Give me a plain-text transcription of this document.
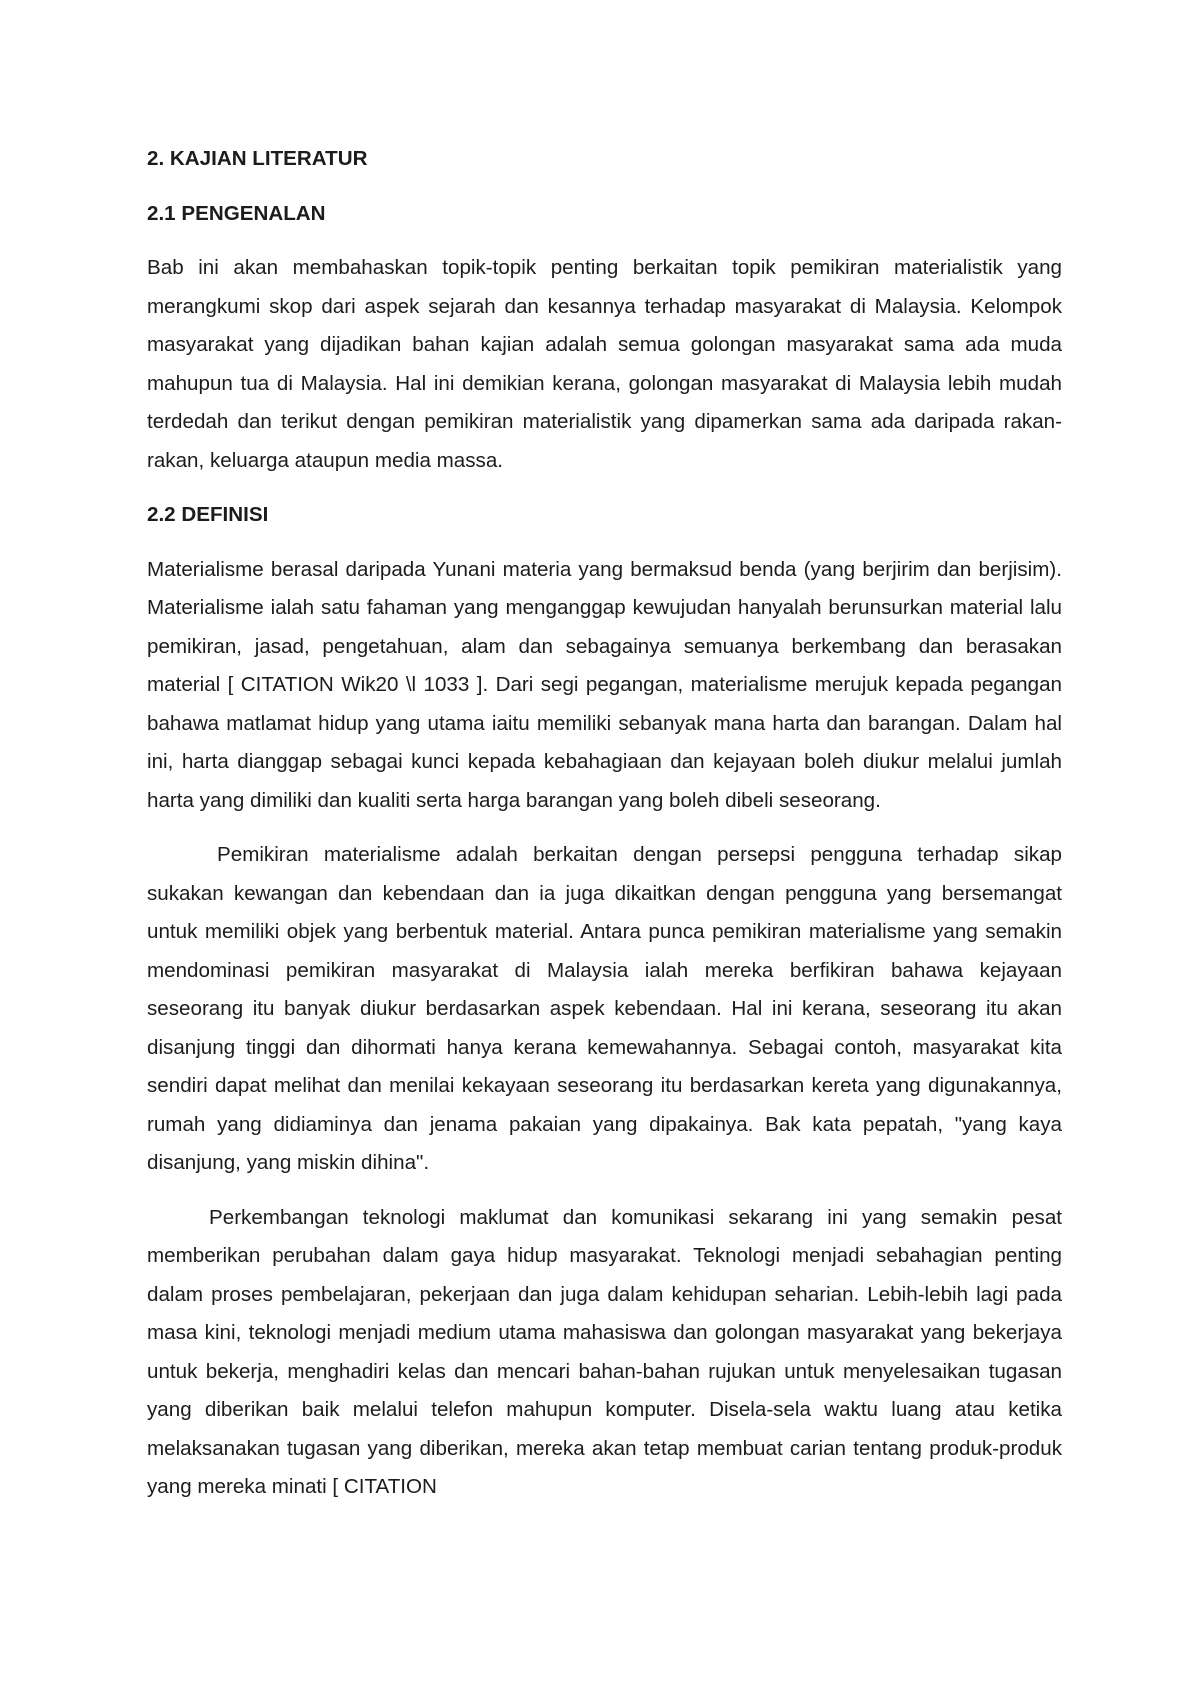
2. KAJIAN LITERATUR
2.1 PENGENALAN

Bab ini akan membahaskan topik-topik penting berkaitan topik pemikiran materialistik yang merangkumi skop dari aspek sejarah dan kesannya terhadap masyarakat di Malaysia. Kelompok masyarakat yang dijadikan bahan kajian adalah semua golongan masyarakat sama ada muda mahupun tua di Malaysia. Hal ini demikian kerana, golongan masyarakat di Malaysia lebih mudah terdedah dan terikut dengan pemikiran materialistik yang dipamerkan sama ada daripada rakan-rakan, keluarga ataupun media massa.

2.2 DEFINISI

Materialisme berasal daripada Yunani materia yang bermaksud benda (yang berjirim dan berjisim). Materialisme ialah satu fahaman yang menganggap kewujudan hanyalah berunsurkan material lalu pemikiran, jasad, pengetahuan, alam dan sebagainya semuanya berkembang dan berasakan material [ CITATION Wik20 \l 1033 ]. Dari segi pegangan, materialisme merujuk kepada pegangan bahawa matlamat hidup yang utama iaitu memiliki sebanyak mana harta dan barangan. Dalam hal ini, harta dianggap sebagai kunci kepada kebahagiaan dan kejayaan boleh diukur melalui jumlah harta yang dimiliki dan kualiti serta harga barangan yang boleh dibeli seseorang.

Pemikiran materialisme adalah berkaitan dengan persepsi pengguna terhadap sikap sukakan kewangan dan kebendaan dan ia juga dikaitkan dengan pengguna yang bersemangat untuk memiliki objek yang berbentuk material. Antara punca pemikiran materialisme yang semakin mendominasi pemikiran masyarakat di Malaysia ialah mereka berfikiran bahawa kejayaan seseorang itu banyak diukur berdasarkan aspek kebendaan. Hal ini kerana, seseorang itu akan disanjung tinggi dan dihormati hanya kerana kemewahannya. Sebagai contoh, masyarakat kita sendiri dapat melihat dan menilai kekayaan seseorang itu berdasarkan kereta yang digunakannya, rumah yang didiaminya dan jenama pakaian yang dipakainya. Bak kata pepatah, "yang kaya disanjung, yang miskin dihina".

Perkembangan teknologi maklumat dan komunikasi sekarang ini yang semakin pesat memberikan perubahan dalam gaya hidup masyarakat. Teknologi menjadi sebahagian penting dalam proses pembelajaran, pekerjaan dan juga dalam kehidupan seharian. Lebih-lebih lagi pada masa kini, teknologi menjadi medium utama mahasiswa dan golongan masyarakat yang bekerjaya untuk bekerja, menghadiri kelas dan mencari bahan-bahan rujukan untuk menyelesaikan tugasan yang diberikan baik melalui telefon mahupun komputer. Disela-sela waktu luang atau ketika melaksanakan tugasan yang diberikan, mereka akan tetap membuat carian tentang produk-produk yang mereka minati [ CITATION
